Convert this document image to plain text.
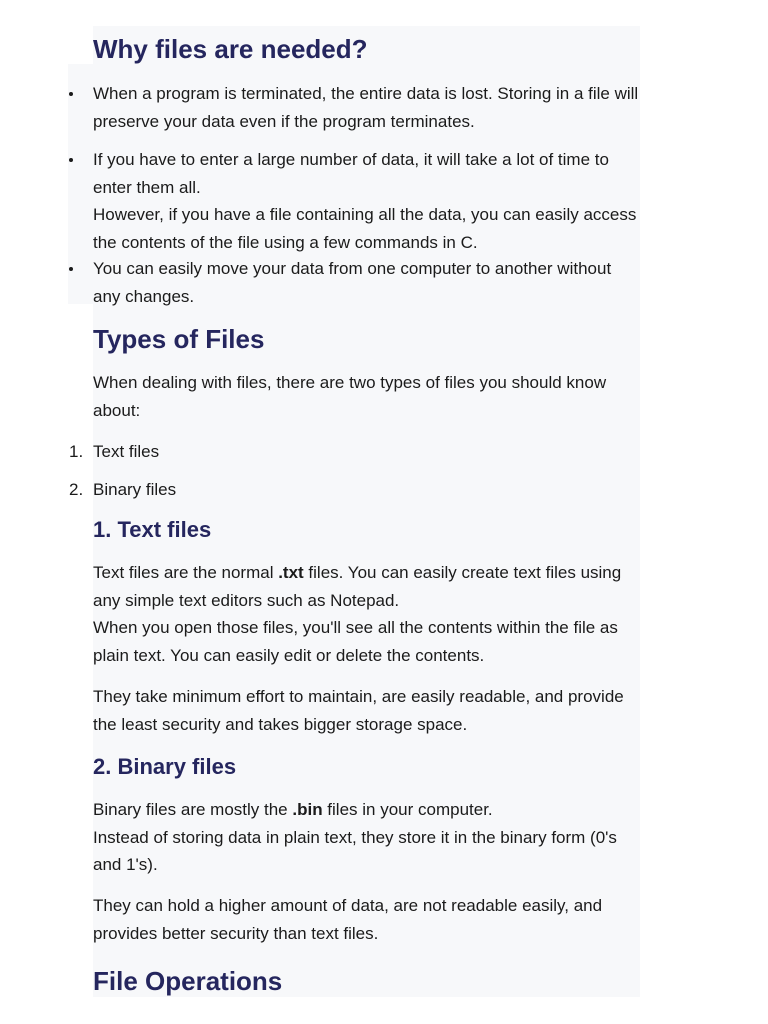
Why files are needed?

When a program is terminated, the entire data is lost. Storing in a file will preserve your data even if the program terminates.

If you have to enter a large number of data, it will take a lot of time to enter them all.

However, if you have a file containing all the data, you can easily access the contents of the file using a few commands in C.

You can easily move your data from one computer to another without any changes.

Types of Files

When dealing with files, there are two types of files you should know about:

1. Text files

2. Binary files

1. Text files

Text files are the normal .txt files. You can easily create text files using any simple text editors such as Notepad.

When you open those files, you'll see all the contents within the file as plain text. You can easily edit or delete the contents.

They take minimum effort to maintain, are easily readable, and provide the least security and takes bigger storage space.

2. Binary files

Binary files are mostly the .bin files in your computer.

Instead of storing data in plain text, they store it in the binary form (0's and 1's).

They can hold a higher amount of data, are not readable easily, and provides better security than text files.

File Operations
